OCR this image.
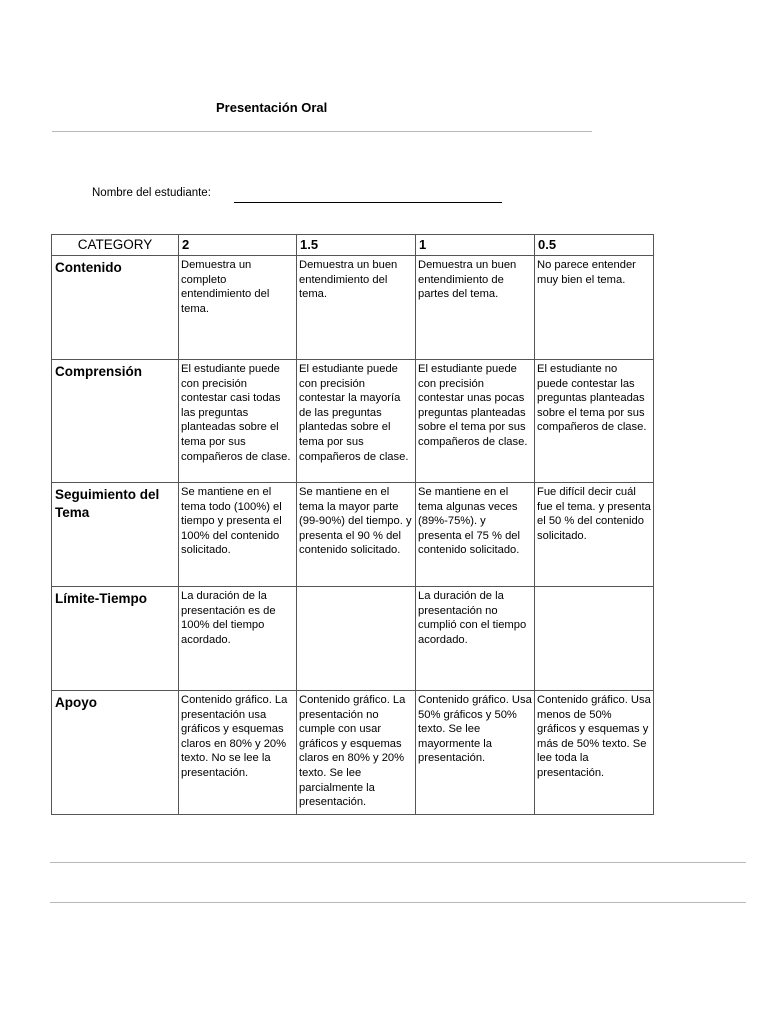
Presentación Oral
Nombre del estudiante:
CATEGORY	2	1.5	1	0.5
Contenido	Demuestra un completo entendimiento del tema.	Demuestra un buen entendimiento del tema.	Demuestra un buen entendimiento de partes del tema.	No parece entender muy bien el tema.
Comprensión	El estudiante puede con precisión contestar casi todas las preguntas planteadas sobre el tema por sus compañeros de clase.	El estudiante puede con precisión contestar la mayoría de las preguntas plantedas sobre el tema por sus compañeros de clase.	El estudiante puede con precisión contestar unas pocas preguntas planteadas sobre el tema por sus compañeros de clase.	El estudiante no puede contestar las preguntas planteadas sobre el tema por sus compañeros de clase.
Seguimiento del Tema	Se mantiene en el tema todo (100%) el tiempo y presenta el 100% del contenido solicitado.	Se mantiene en el tema la mayor parte (99-90%) del tiempo. y presenta el 90 % del contenido solicitado.	Se mantiene en el tema algunas veces (89%-75%). y presenta el 75 % del contenido solicitado.	Fue difícil decir cuál fue el tema. y presenta el 50 % del contenido solicitado.
Límite-Tiempo	La duración de la presentación es de 100% del tiempo acordado.		La duración de la presentación no cumplió con el tiempo acordado.	
Apoyo	Contenido gráfico. La presentación usa gráficos y esquemas claros en 80% y 20% texto. No se lee la presentación.	Contenido gráfico. La presentación no cumple con usar gráficos y esquemas claros en 80% y 20% texto. Se lee parcialmente la presentación.	Contenido gráfico. Usa 50% gráficos y 50% texto. Se lee mayormente la presentación.	Contenido gráfico. Usa menos de 50% gráficos y esquemas y más de 50% texto. Se lee toda la presentación.
